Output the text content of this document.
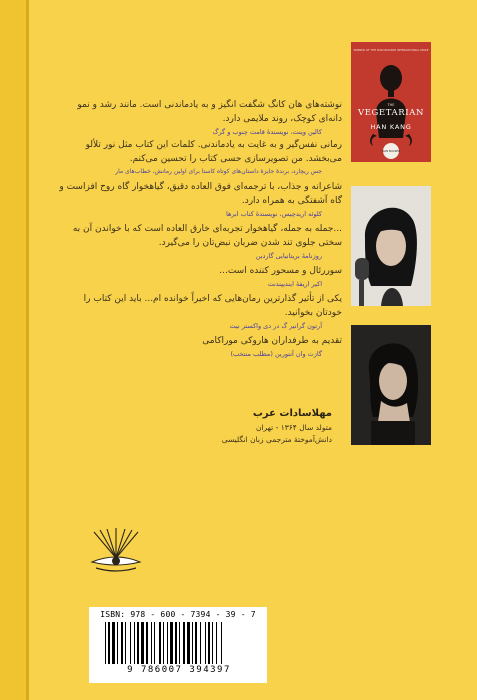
نوشته‌های هان کانگ شگفت انگیز و به یادماندنی است. مانند رشد و نمو دانه‌ای کوچک، روند ملایمی دارد.
کالین وینت، نویسندهٔ قامت چنوب و گرگ
رمانی نفس‌گیر و به غایت به یادماندنی. کلمات این کتاب مثل نور تلألو می‌بخشد. من تصویرسازی حسی کتاب را تحسین می‌کنم.
جس ریچارد، برندهٔ جایزهٔ داستان‌های کوتاه کاستا برای اولین رمانش، خطاب‌های مار
شاعرانه و جذاب، با ترجمه‌ای فوق العاده دقیق، گیاهخوار گاه روح افزاست و گاه آشفتگی به همراه دارد.
کلوئه اریدچیس، نویسندهٔ کتاب ابرها
...جمله به جمله، گیاهخوار تجربه‌ای خارق العاده است که با خواندن آن به سختی جلوی تند شدن ضربان نبض‌تان را می‌گیرد.
روزنامهٔ بریتانیایی گاردین
سوررئال و مسحور کننده است...
اکیر اریفهٔ ایندیپندنت
یکی از تأثیر گذارترین رمان‌هایی که اخیراً خوانده ام... باید این کتاب را خودتان بخوانید.
آرتون گرانیر گ در دی واکستر نیت
تقدیم به طرفداران هاروکی موراکامی
گازت وان آنتورین (مطلب منتخب)
WINNER OF THE MAN BOOKER INTERNATIONAL PRIZE
THE
VEGETARIAN
HAN KANG
MAN BOOKER
مهلاسادات عرب
متولد سال ۱۳۶۴ - تهران
دانش‌آموختهٔ مترجمی زبان انگلیسی
ISBN: 978 - 600 - 7394 - 39 - 7
9 786007 394397
